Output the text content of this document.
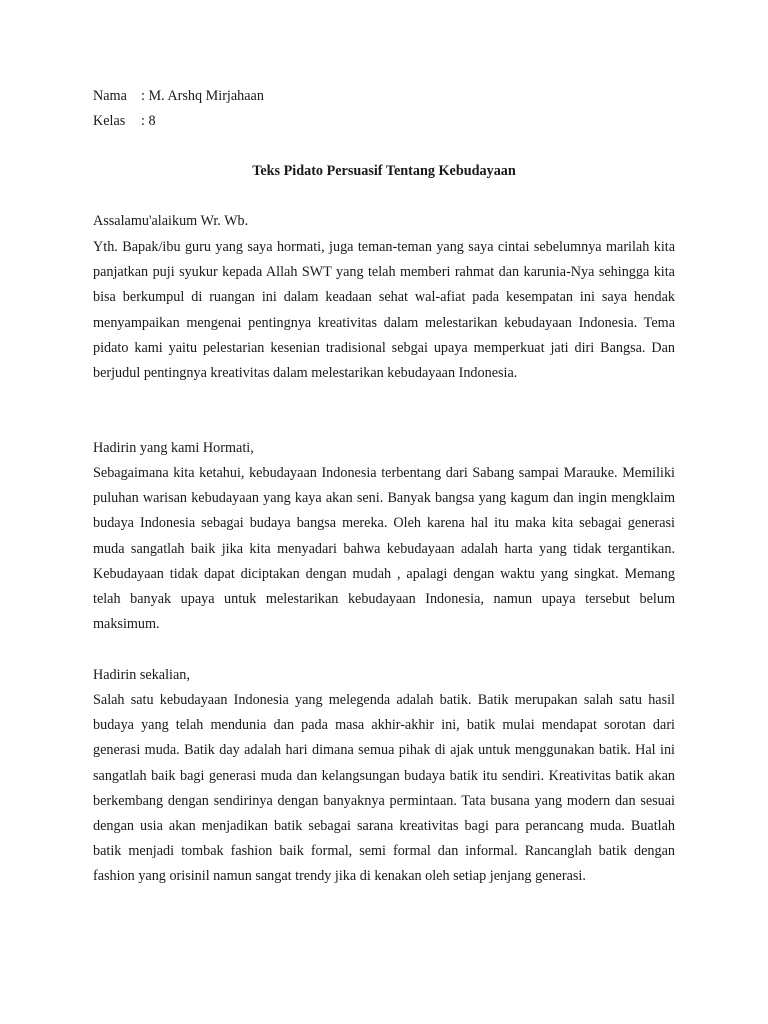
Nama : M. Arshq Mirjahaan
Kelas : 8
Teks Pidato Persuasif Tentang Kebudayaan
Assalamu'alaikum Wr. Wb.
Yth. Bapak/ibu guru yang saya hormati, juga teman-teman yang saya cintai sebelumnya marilah kita panjatkan puji syukur kepada Allah SWT yang telah memberi rahmat dan karunia-Nya sehingga kita bisa berkumpul di ruangan ini dalam keadaan sehat wal-afiat pada kesempatan ini saya hendak menyampaikan mengenai pentingnya kreativitas dalam melestarikan kebudayaan Indonesia. Tema pidato kami yaitu pelestarian kesenian tradisional sebgai upaya memperkuat jati diri Bangsa. Dan berjudul pentingnya kreativitas dalam melestarikan kebudayaan Indonesia.
Hadirin yang kami Hormati,
Sebagaimana kita ketahui, kebudayaan Indonesia terbentang dari Sabang sampai Marauke. Memiliki puluhan warisan kebudayaan yang kaya akan seni. Banyak bangsa yang kagum dan ingin mengklaim budaya Indonesia sebagai budaya bangsa mereka. Oleh karena hal itu maka kita sebagai generasi muda sangatlah baik jika kita menyadari bahwa kebudayaan adalah harta yang tidak tergantikan. Kebudayaan tidak dapat diciptakan dengan mudah , apalagi dengan waktu yang singkat. Memang telah banyak upaya untuk melestarikan kebudayaan Indonesia, namun upaya tersebut belum maksimum.
Hadirin sekalian,
Salah satu kebudayaan Indonesia yang melegenda adalah batik. Batik merupakan salah satu hasil budaya yang telah mendunia dan pada masa akhir-akhir ini, batik mulai mendapat sorotan dari generasi muda. Batik day adalah hari dimana semua pihak di ajak untuk menggunakan batik. Hal ini sangatlah baik bagi generasi muda dan kelangsungan budaya batik itu sendiri. Kreativitas batik akan berkembang dengan sendirinya dengan banyaknya permintaan. Tata busana yang modern dan sesuai dengan usia akan menjadikan batik sebagai sarana kreativitas bagi para perancang muda. Buatlah batik menjadi tombak fashion baik formal, semi formal dan informal. Rancanglah batik dengan fashion yang orisinil namun sangat trendy jika di kenakan oleh setiap jenjang generasi.
